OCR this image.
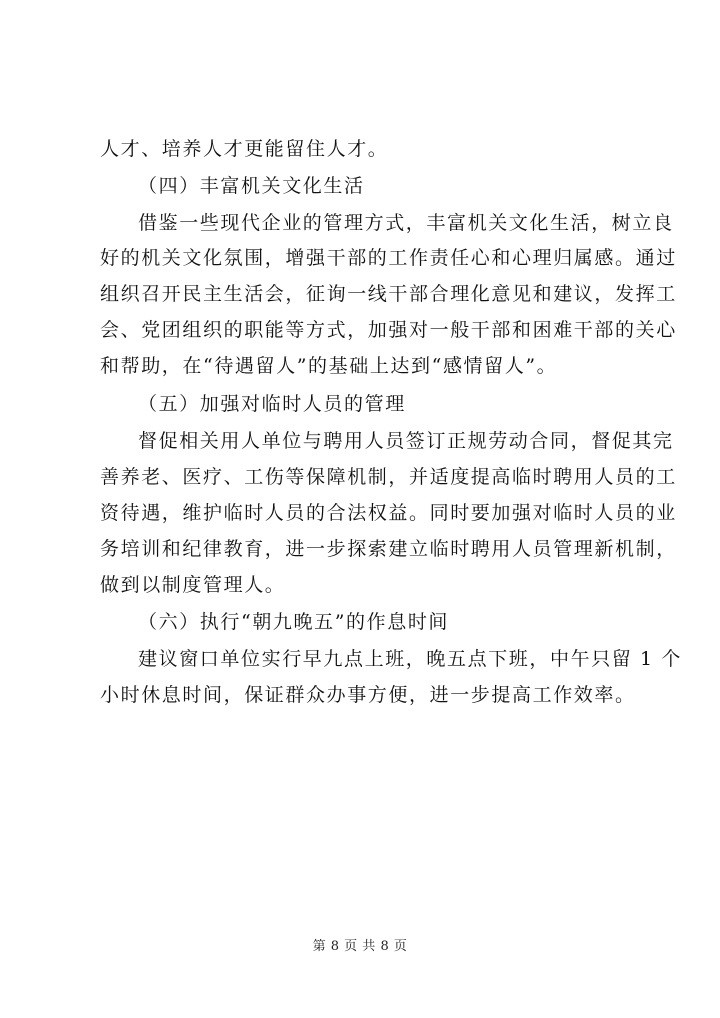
人才、培养人才更能留住人才。
（四）丰富机关文化生活
借鉴一些现代企业的管理方式，丰富机关文化生活，树立良
好的机关文化氛围，增强干部的工作责任心和心理归属感。通过
组织召开民主生活会，征询一线干部合理化意见和建议，发挥工
会、党团组织的职能等方式，加强对一般干部和困难干部的关心
和帮助，在“待遇留人”的基础上达到“感情留人”。
（五）加强对临时人员的管理
督促相关用人单位与聘用人员签订正规劳动合同，督促其完
善养老、医疗、工伤等保障机制，并适度提高临时聘用人员的工
资待遇，维护临时人员的合法权益。同时要加强对临时人员的业
务培训和纪律教育，进一步探索建立临时聘用人员管理新机制，
做到以制度管理人。
（六）执行“朝九晚五”的作息时间
建议窗口单位实行早九点上班，晚五点下班，中午只留 1 个
小时休息时间，保证群众办事方便，进一步提高工作效率。
第 8 页 共 8 页
